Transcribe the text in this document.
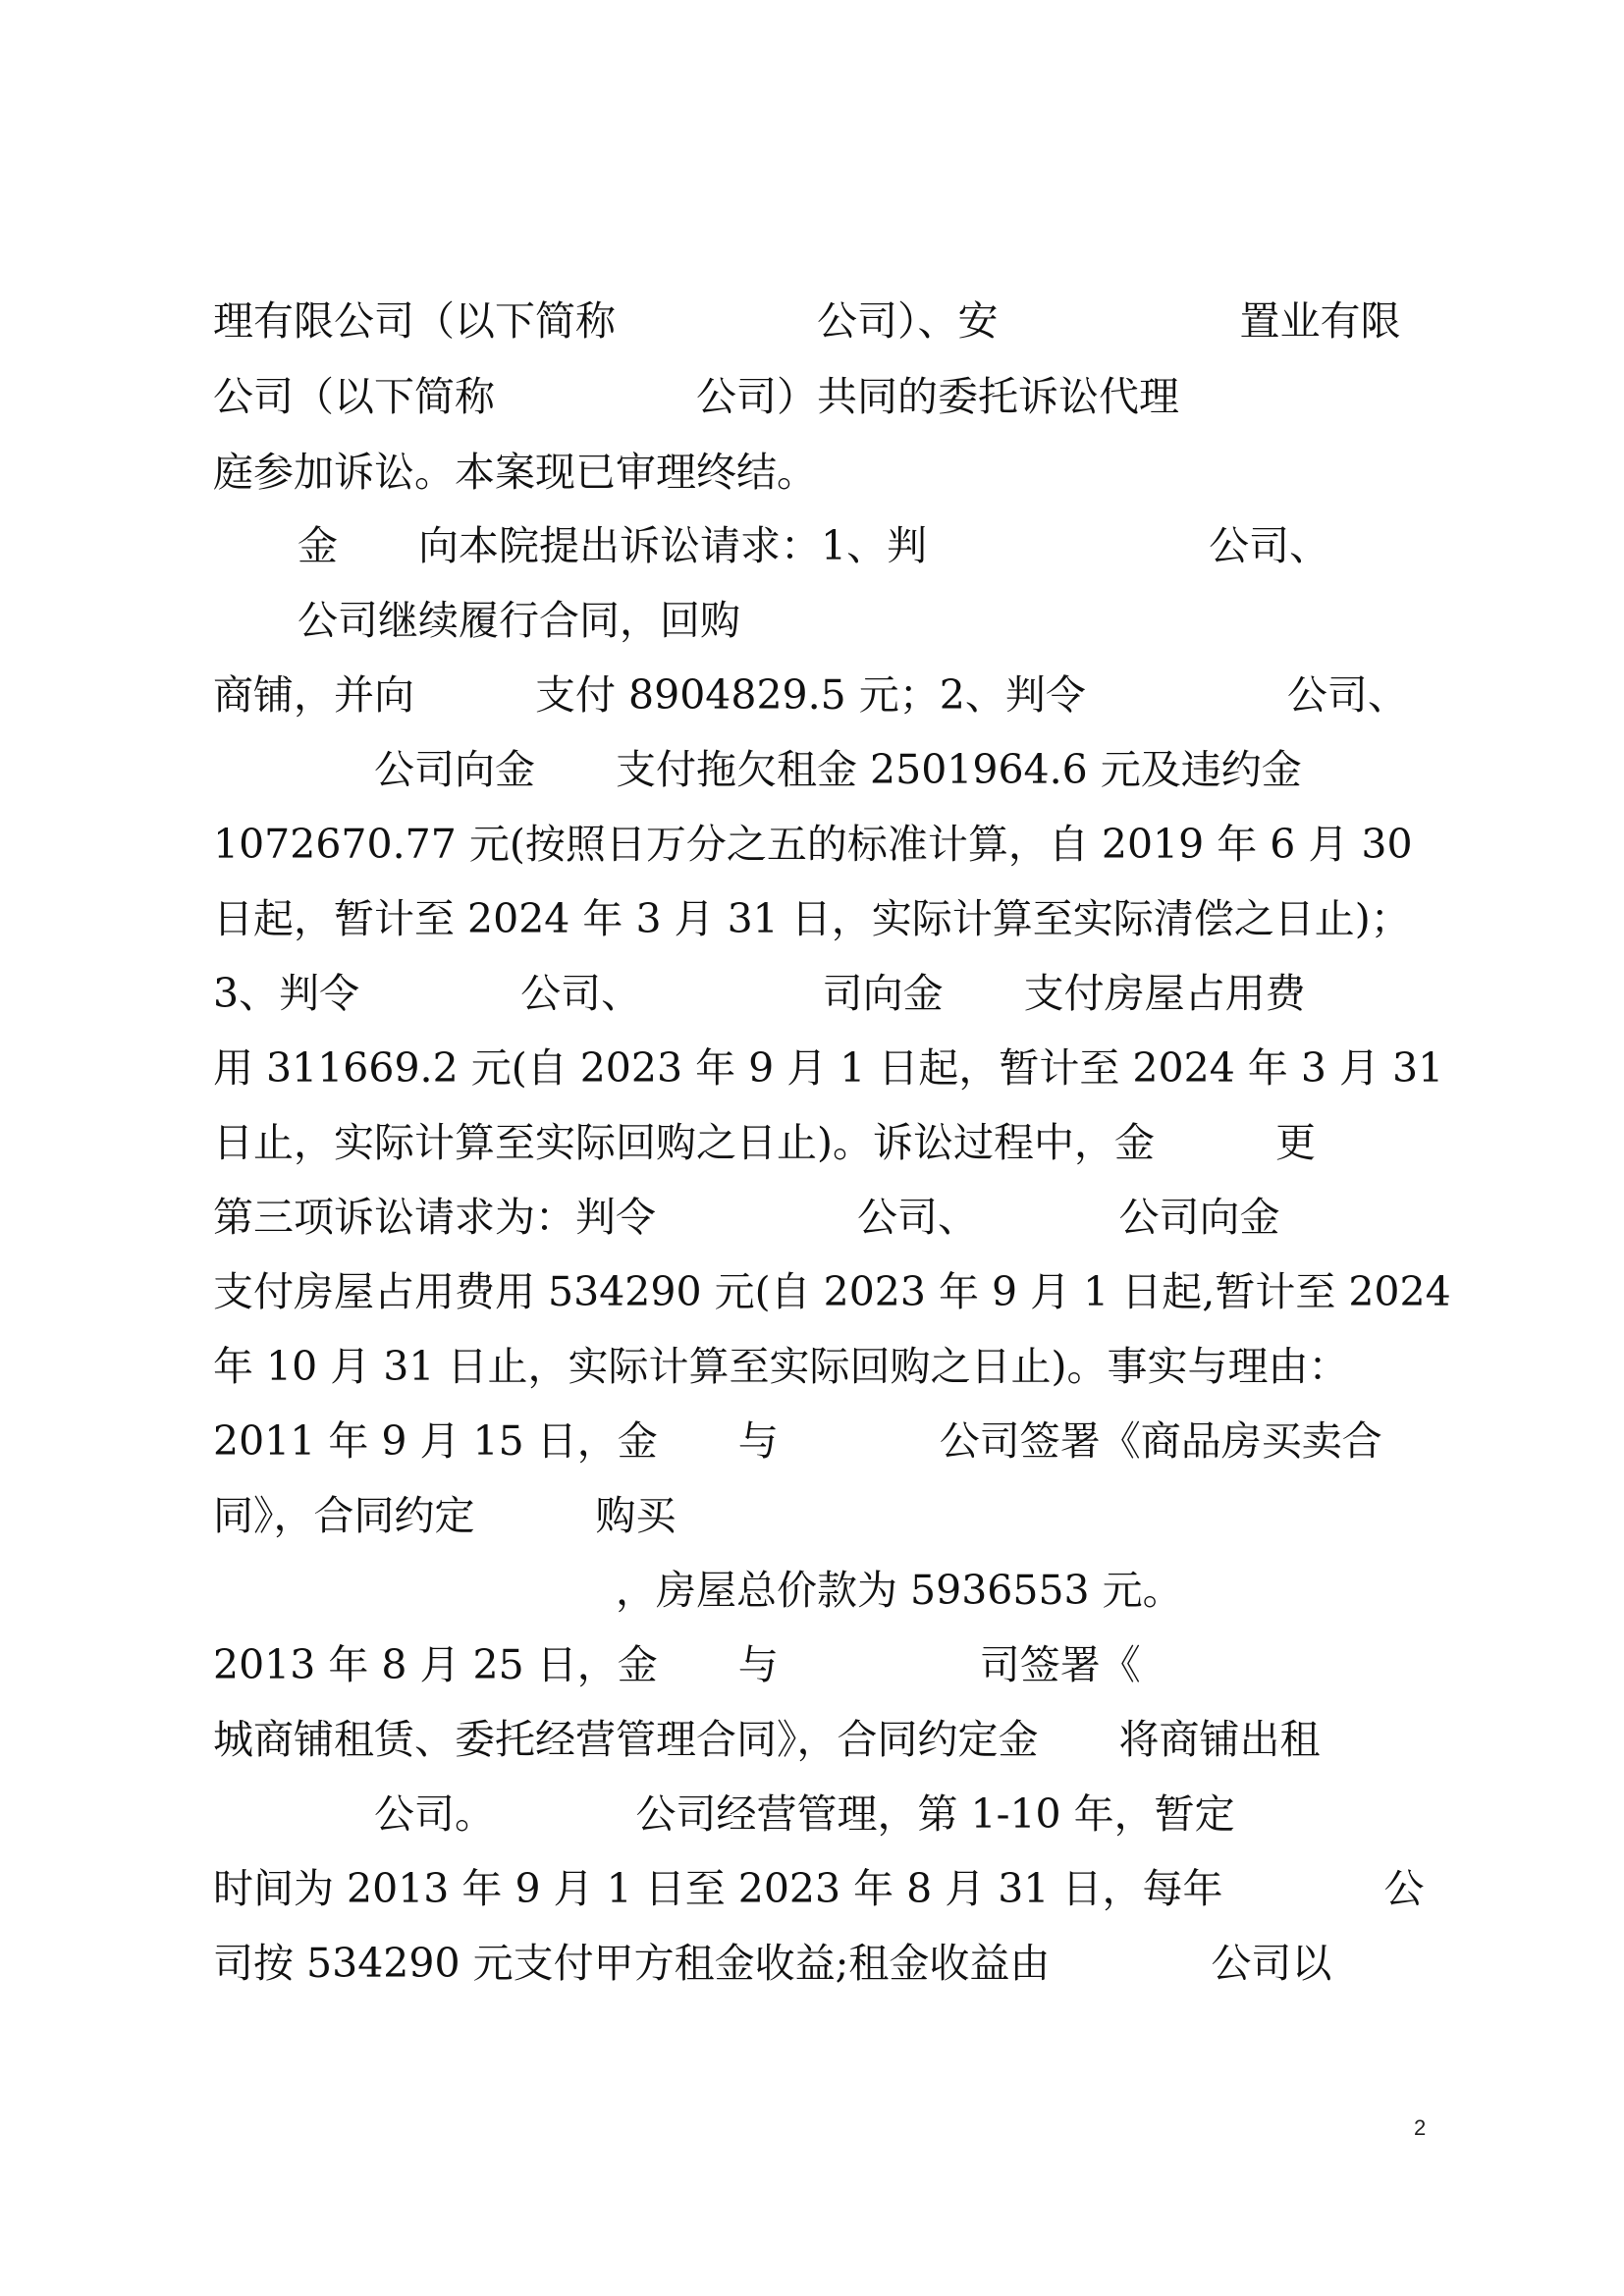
理有限公司（以下简称　　　　　公司）、安　　　　　　置业有限
公司（以下简称　　　　　公司）共同的委托诉讼代理
庭参加诉讼。本案现已审理终结。
　金　　向本院提出诉讼请求：1、判　　　　　　　公司、
　公司继续履行合同，回购
商铺，并向　　　支付 8904829.5 元；2、判令　　　　　公司、
　　　　公司向金　　支付拖欠租金 2501964.6 元及违约金
1072670.77 元(按照日万分之五的标准计算，自 2019 年 6 月 30
日起，暂计至 2024 年 3 月 31 日，实际计算至实际清偿之日止)；
3、判令　　　　公司、　　　　　司向金　　支付房屋占用费
用 311669.2 元(自 2023 年 9 月 1 日起，暂计至 2024 年 3 月 31
日止，实际计算至实际回购之日止)。诉讼过程中，金　　　更
第三项诉讼请求为：判令　　　　　公司、　　　　公司向金
支付房屋占用费用 534290 元(自 2023 年 9 月 1 日起,暂计至 2024
年 10 月 31 日止，实际计算至实际回购之日止)。事实与理由：
2011 年 9 月 15 日，金　　与　　　　公司签署《商品房买卖合
同》，合同约定　　　购买
　　　　　　　　　　，房屋总价款为 5936553 元。
2013 年 8 月 25 日，金　　与　　　　　司签署《
城商铺租赁、委托经营管理合同》，合同约定金　　将商铺出租
　　　　公司。　　　　公司经营管理，第 1-10 年，暂定
时间为 2013 年 9 月 1 日至 2023 年 8 月 31 日，每年　　　　公
司按 534290 元支付甲方租金收益;租金收益由　　　　公司以
2
